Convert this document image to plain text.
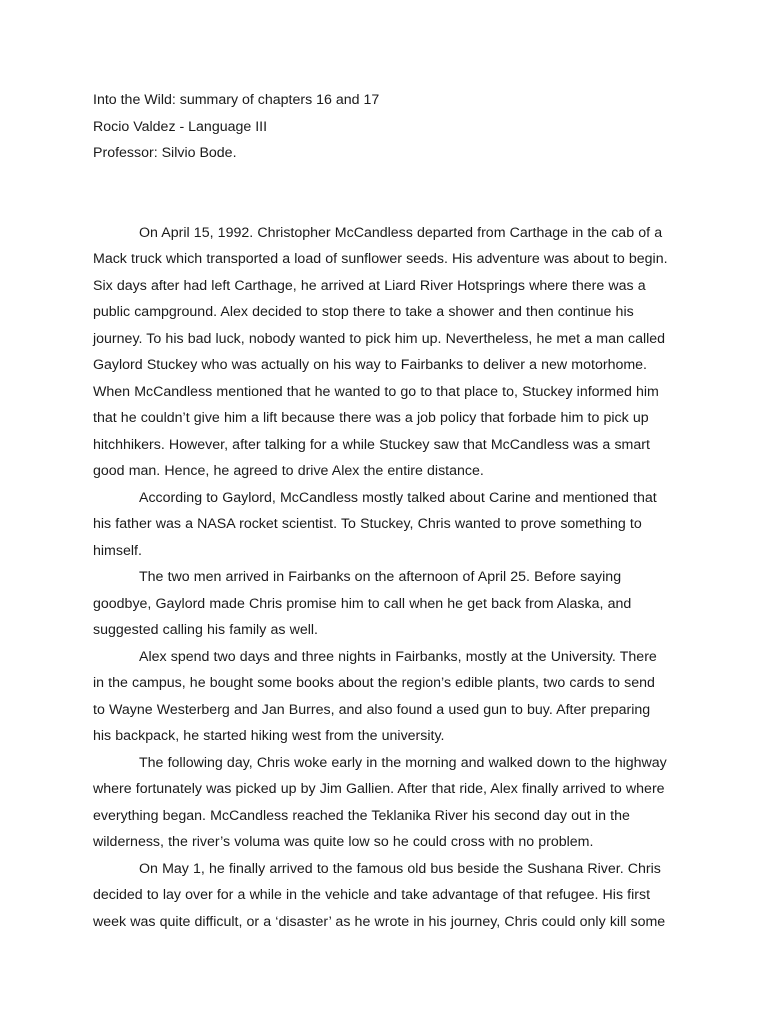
Into the Wild: summary of chapters 16 and 17

Rocio Valdez - Language III

Professor: Silvio Bode.

On April 15, 1992. Christopher McCandless departed from Carthage in the cab of a Mack truck which transported a load of sunflower seeds. His adventure was about to begin. Six days after had left Carthage, he arrived at Liard River Hotsprings where there was a public campground. Alex decided to stop there to take a shower and then continue his journey. To his bad luck, nobody wanted to pick him up. Nevertheless, he met a man called Gaylord Stuckey who was actually on his way to Fairbanks to deliver a new motorhome. When McCandless mentioned that he wanted to go to that place to, Stuckey informed him that he couldn’t give him a lift because there was a job policy that forbade him to pick up hitchhikers. However, after talking for a while Stuckey saw that McCandless was a smart good man. Hence, he agreed to drive Alex the entire distance.

According to Gaylord, McCandless mostly talked about Carine and mentioned that his father was a NASA rocket scientist. To Stuckey, Chris wanted to prove something to himself.

The two men arrived in Fairbanks on the afternoon of April 25. Before saying goodbye, Gaylord made Chris promise him to call when he get back from Alaska, and suggested calling his family as well.

Alex spend two days and three nights in Fairbanks, mostly at the University. There in the campus, he bought some books about the region’s edible plants, two cards to send to Wayne Westerberg and Jan Burres, and also found a used gun to buy. After preparing his backpack, he started hiking west from the university.

The following day, Chris woke early in the morning and walked down to the highway where fortunately was picked up by Jim Gallien. After that ride, Alex finally arrived to where everything began. McCandless reached the Teklanika River his second day out in the wilderness, the river’s voluma was quite low so he could cross with no problem.

On May 1, he finally arrived to the famous old bus beside the Sushana River. Chris decided to lay over for a while in the vehicle and take advantage of that refugee. His first week was quite difficult, or a ‘disaster’ as he wrote in his journey, Chris could only kill some
